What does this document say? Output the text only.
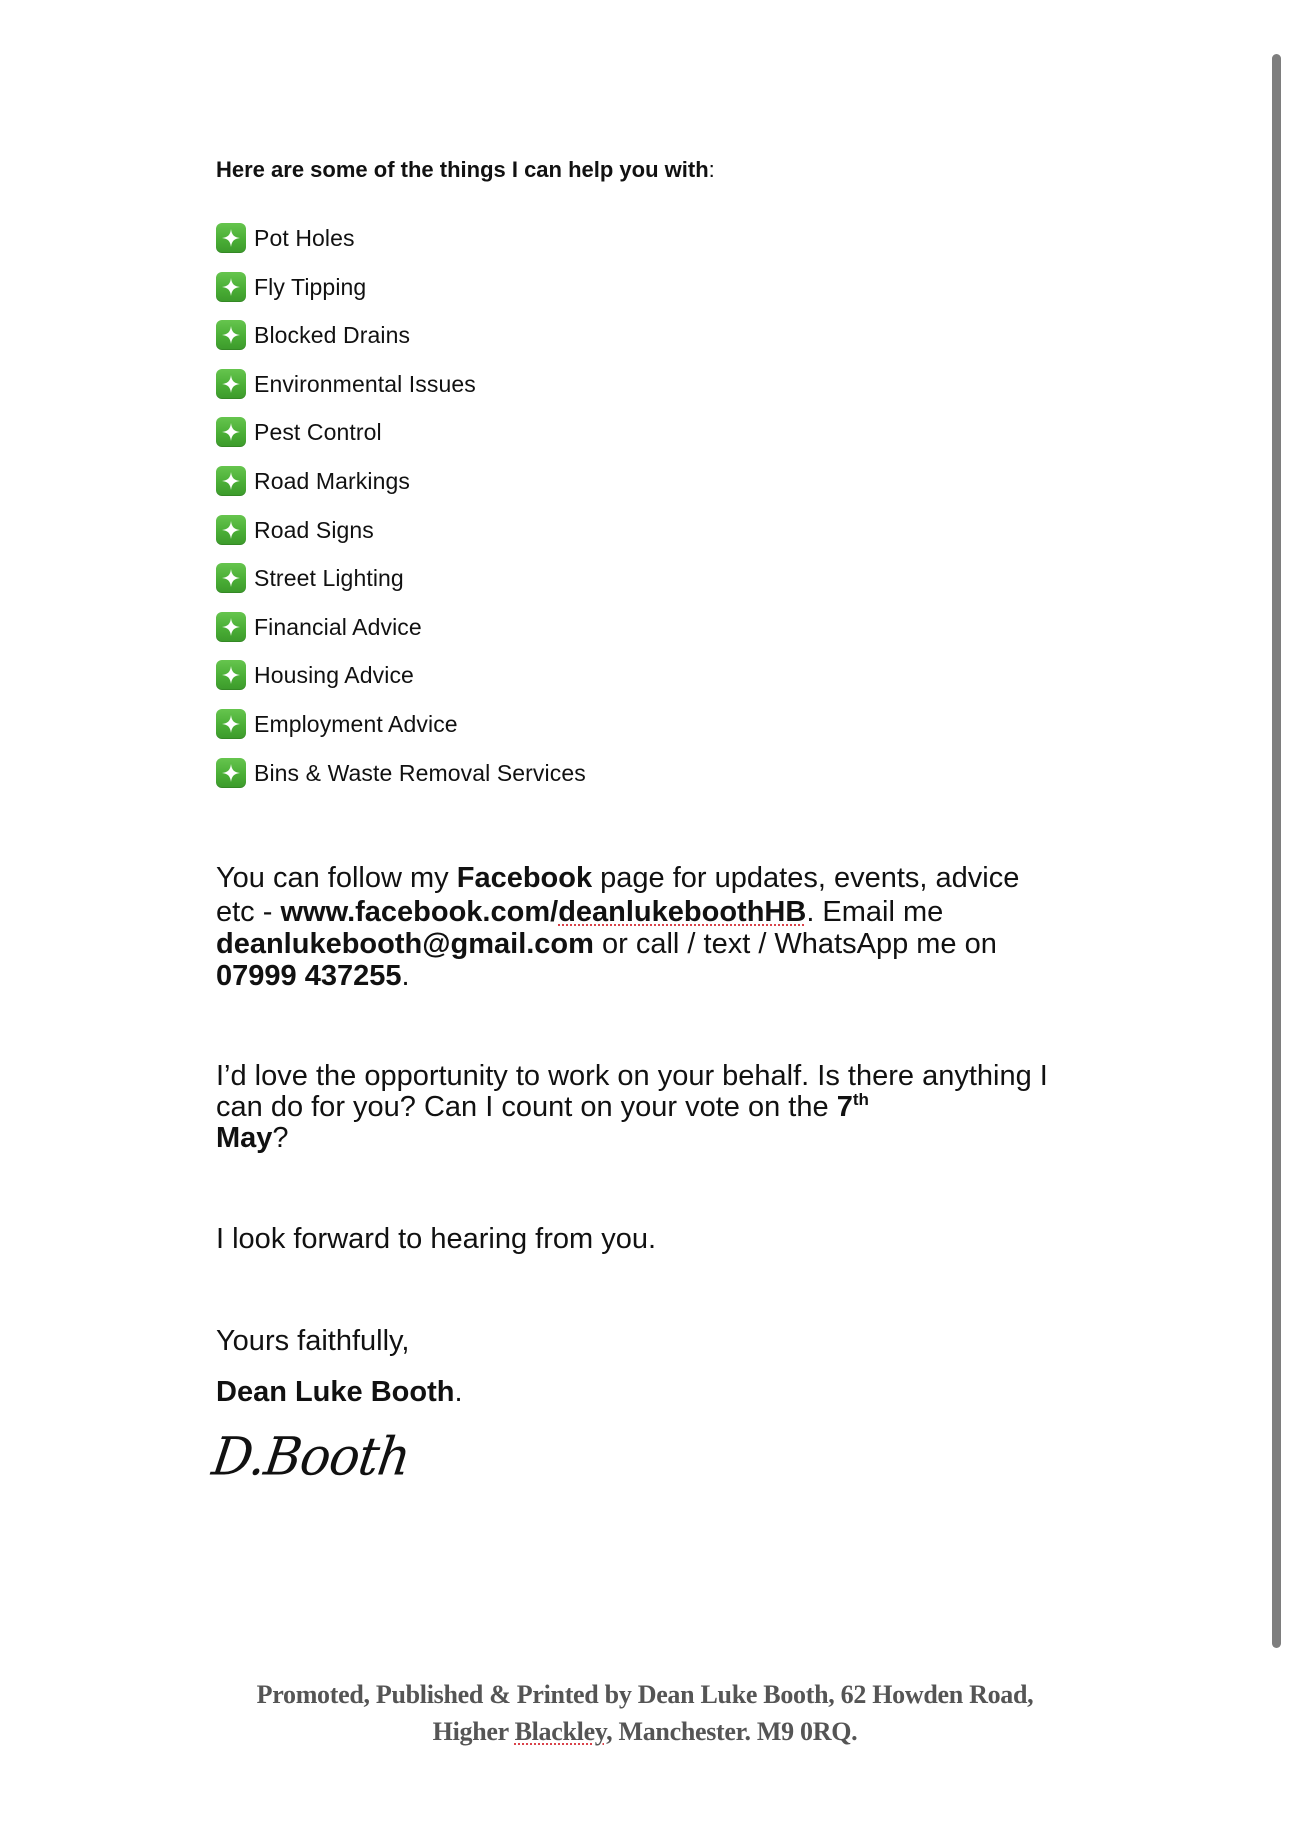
Here are some of the things I can help you with:
Pot Holes
Fly Tipping
Blocked Drains
Environmental Issues
Pest Control
Road Markings
Road Signs
Street Lighting
Financial Advice
Housing Advice
Employment Advice
Bins & Waste Removal Services

You can follow my Facebook page for updates, events, advice
etc - www.facebook.com/deanlukeboothHB. Email me
deanlukebooth@gmail.com or call / text / WhatsApp me on
07999 437255.

I’d love the opportunity to work on your behalf. Is there anything I can do for you? Can I count on your vote on the 7th
May?

I look forward to hearing from you.

Yours faithfully,

Dean Luke Booth.

D.Booth
Promoted, Published & Printed by Dean Luke Booth, 62 Howden Road,
Higher Blackley, Manchester. M9 0RQ.
